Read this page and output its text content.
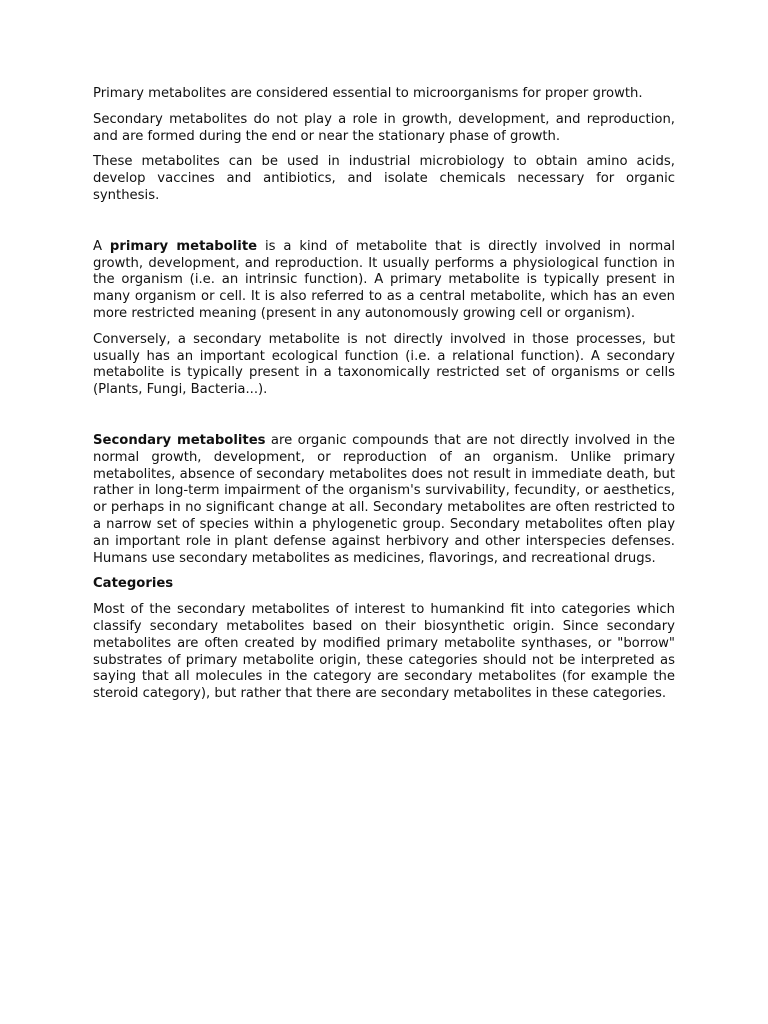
Primary metabolites are considered essential to microorganisms for proper growth.

Secondary metabolites do not play a role in growth, development, and reproduction, and are formed during the end or near the stationary phase of growth.

These metabolites can be used in industrial microbiology to obtain amino acids, develop vaccines and antibiotics, and isolate chemicals necessary for organic synthesis.

A primary metabolite is a kind of metabolite that is directly involved in normal growth, development, and reproduction. It usually performs a physiological function in the organism (i.e. an intrinsic function). A primary metabolite is typically present in many organism or cell. It is also referred to as a central metabolite, which has an even more restricted meaning (present in any autonomously growing cell or organism).

Conversely, a secondary metabolite is not directly involved in those processes, but usually has an important ecological function (i.e. a relational function). A secondary metabolite is typically present in a taxonomically restricted set of organisms or cells (Plants, Fungi, Bacteria...).

Secondary metabolites are organic compounds that are not directly involved in the normal growth, development, or reproduction of an organism. Unlike primary metabolites, absence of secondary metabolites does not result in immediate death, but rather in long-term impairment of the organism's survivability, fecundity, or aesthetics, or perhaps in no significant change at all. Secondary metabolites are often restricted to a narrow set of species within a phylogenetic group. Secondary metabolites often play an important role in plant defense against herbivory and other interspecies defenses. Humans use secondary metabolites as medicines, flavorings, and recreational drugs.

Categories

Most of the secondary metabolites of interest to humankind fit into categories which classify secondary metabolites based on their biosynthetic origin. Since secondary metabolites are often created by modified primary metabolite synthases, or "borrow" substrates of primary metabolite origin, these categories should not be interpreted as saying that all molecules in the category are secondary metabolites (for example the steroid category), but rather that there are secondary metabolites in these categories.
